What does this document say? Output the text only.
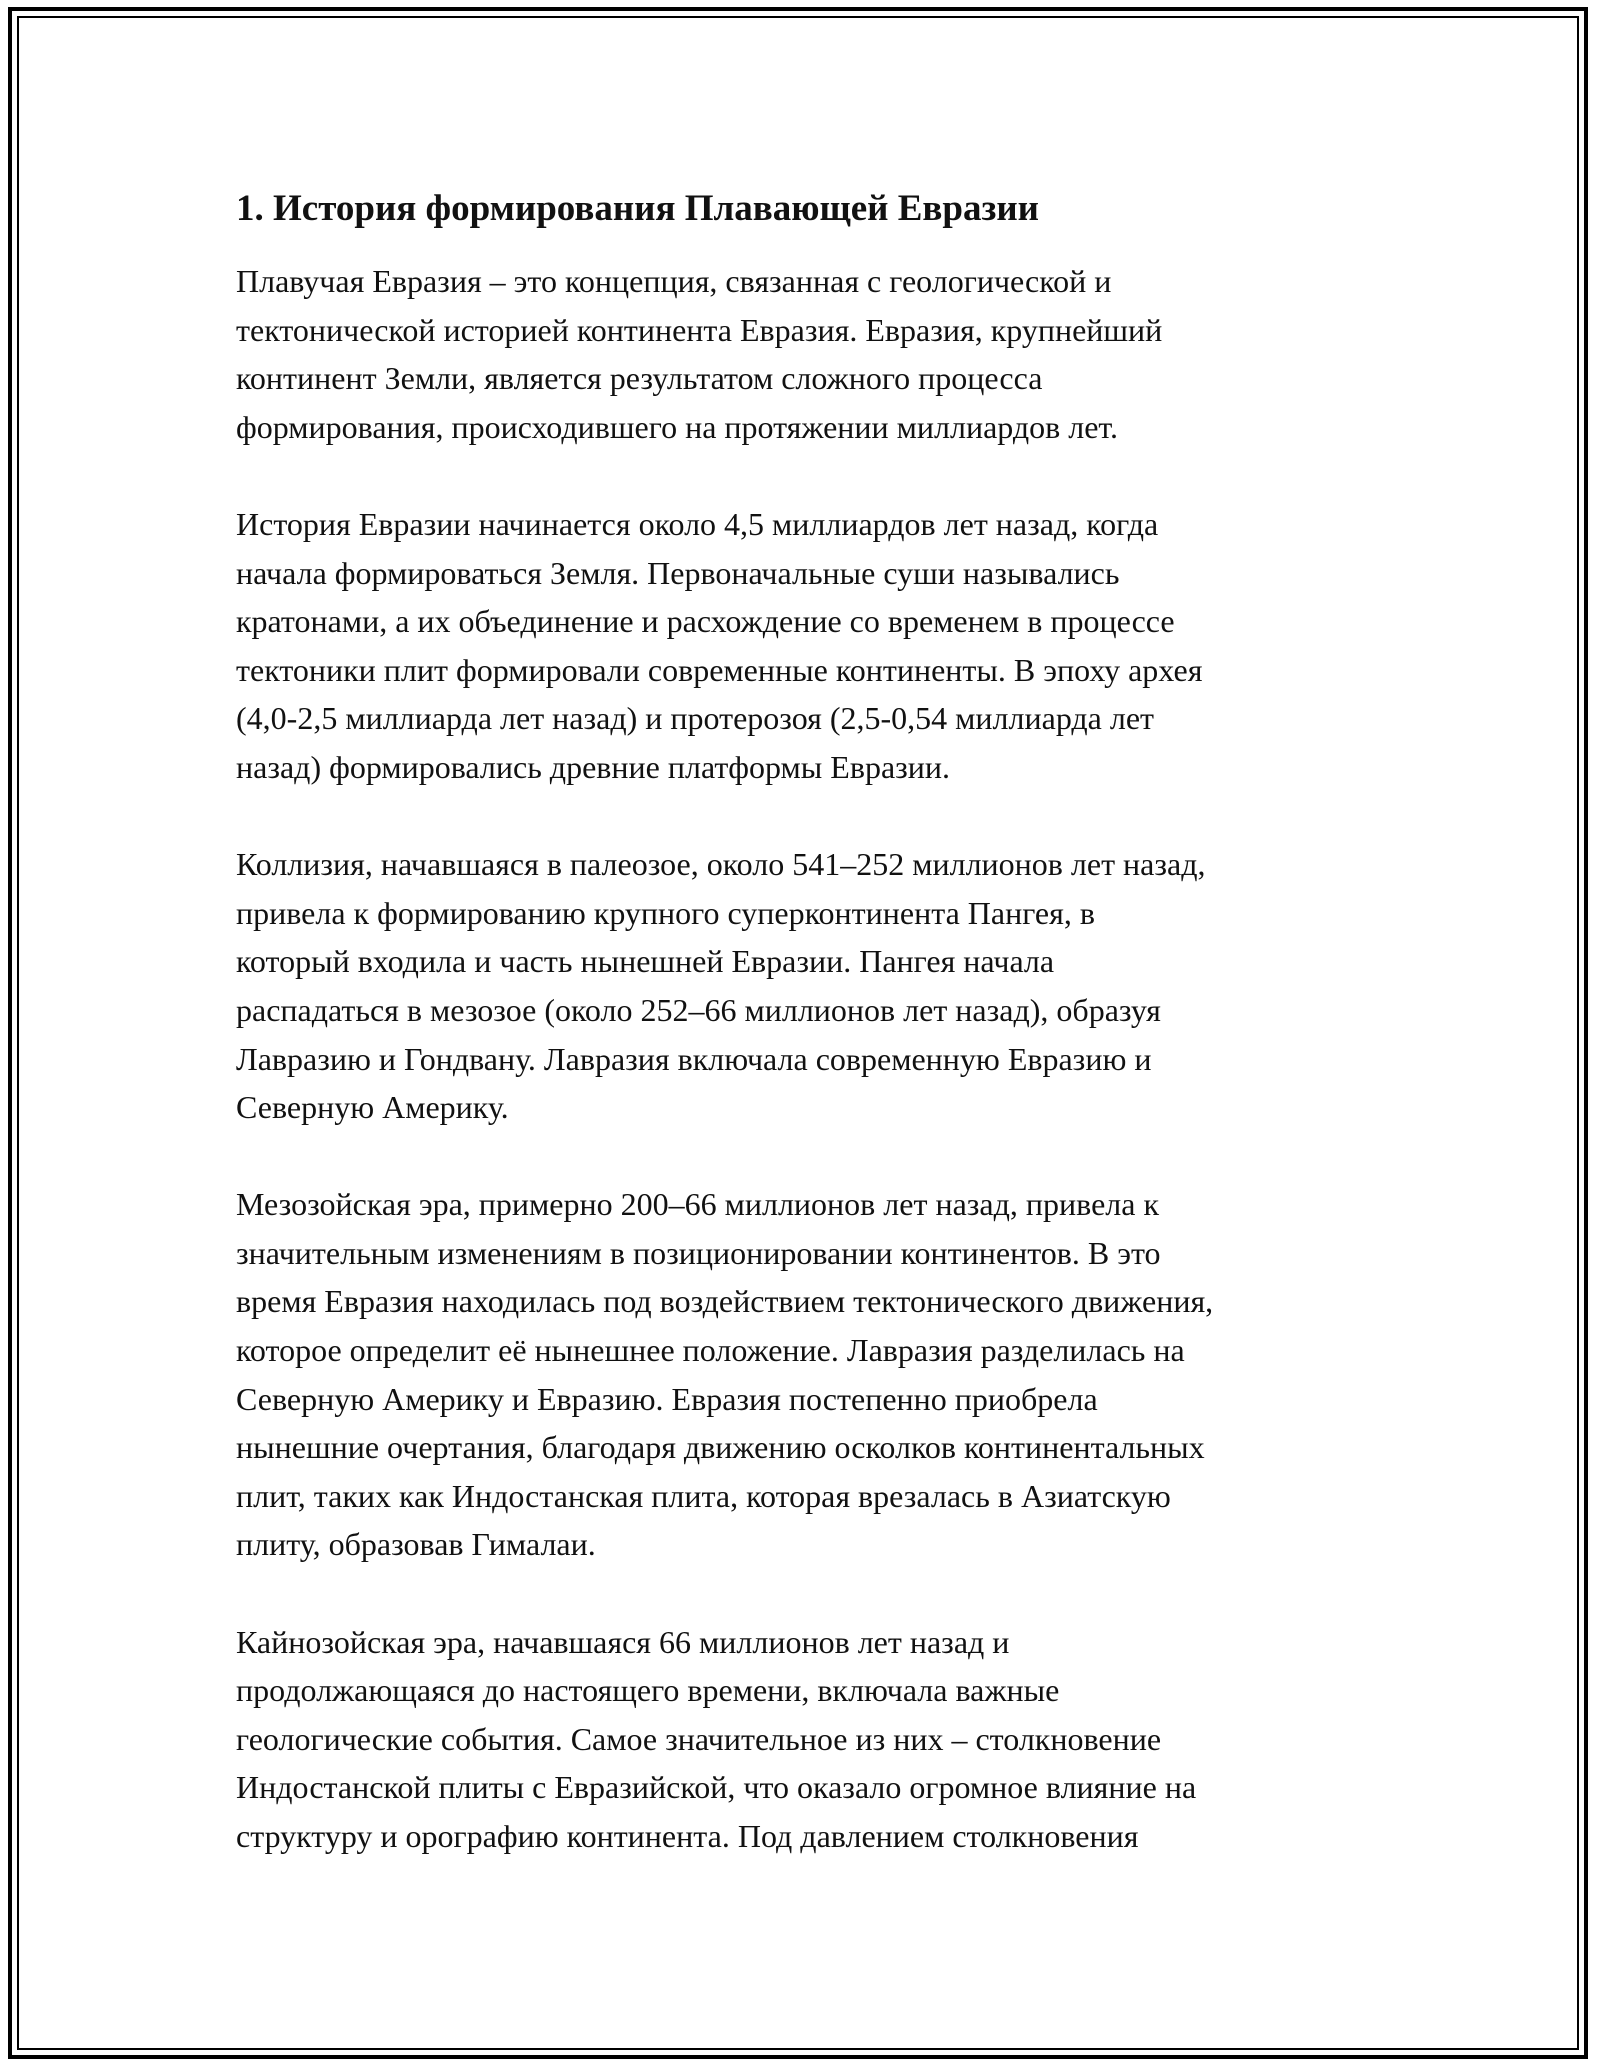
1. История формирования Плавающей Евразии

Плавучая Евразия – это концепция, связанная с геологической и
тектонической историей континента Евразия. Евразия, крупнейший
континент Земли, является результатом сложного процесса
формирования, происходившего на протяжении миллиардов лет.

История Евразии начинается около 4,5 миллиардов лет назад, когда
начала формироваться Земля. Первоначальные суши назывались
кратонами, а их объединение и расхождение со временем в процессе
тектоники плит формировали современные континенты. В эпоху архея
(4,0-2,5 миллиарда лет назад) и протерозоя (2,5-0,54 миллиарда лет
назад) формировались древние платформы Евразии.

Коллизия, начавшаяся в палеозое, около 541–252 миллионов лет назад,
привела к формированию крупного суперконтинента Пангея, в
который входила и часть нынешней Евразии. Пангея начала
распадаться в мезозое (около 252–66 миллионов лет назад), образуя
Лавразию и Гондвану. Лавразия включала современную Евразию и
Северную Америку.

Мезозойская эра, примерно 200–66 миллионов лет назад, привела к
значительным изменениям в позиционировании континентов. В это
время Евразия находилась под воздействием тектонического движения,
которое определит её нынешнее положение. Лавразия разделилась на
Северную Америку и Евразию. Евразия постепенно приобрела
нынешние очертания, благодаря движению осколков континентальных
плит, таких как Индостанская плита, которая врезалась в Азиатскую
плиту, образовав Гималаи.

Кайнозойская эра, начавшаяся 66 миллионов лет назад и
продолжающаяся до настоящего времени, включала важные
геологические события. Самое значительное из них – столкновение
Индостанской плиты с Евразийской, что оказало огромное влияние на
структуру и орографию континента. Под давлением столкновения
